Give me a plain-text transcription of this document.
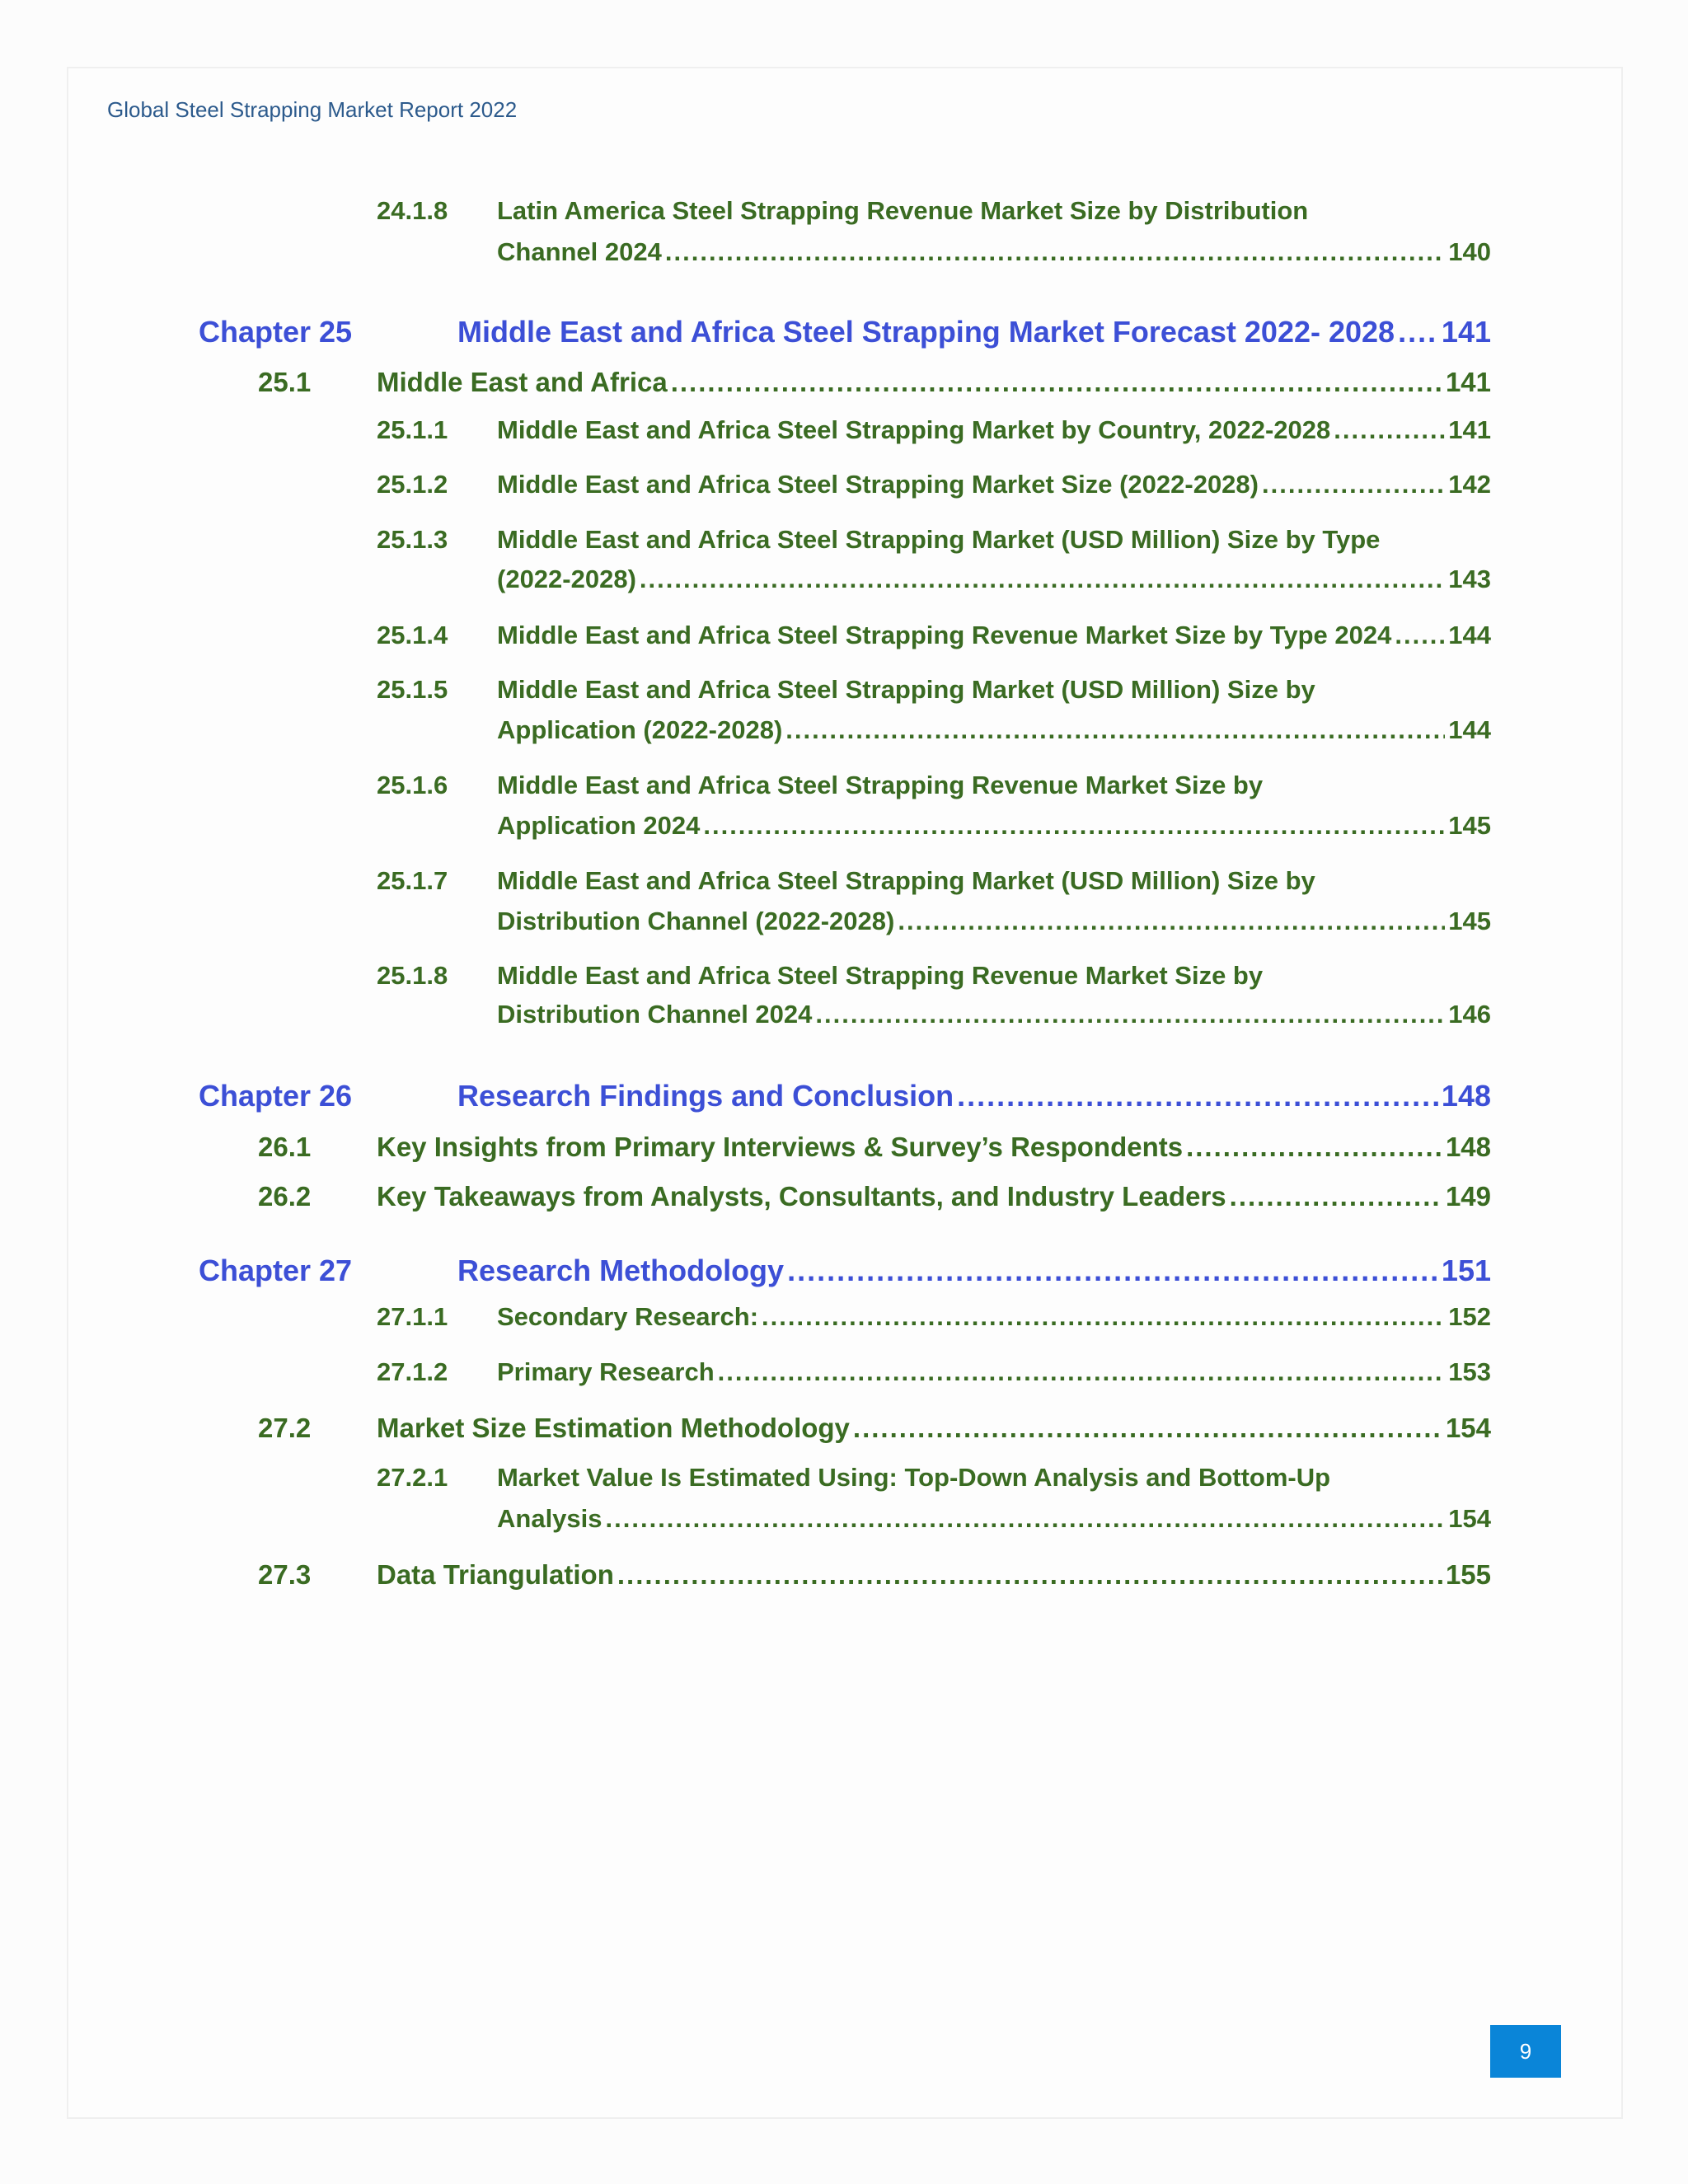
Global Steel Strapping Market Report 2022
24.1.8 Latin America Steel Strapping Revenue Market Size by Distribution
Channel 2024 .....	140
Chapter 25	Middle East and Africa Steel Strapping Market Forecast 2022- 2028 ..... 141
25.1 Middle East and Africa .....	141
25.1.1 Middle East and Africa Steel Strapping Market by Country, 2022-2028 .....	141
25.1.2 Middle East and Africa Steel Strapping Market Size (2022-2028) .....	142
25.1.3 Middle East and Africa Steel Strapping Market (USD Million) Size by Type
(2022-2028) .....	143
25.1.4 Middle East and Africa Steel Strapping Revenue Market Size by Type 2024 ..... 144
25.1.5 Middle East and Africa Steel Strapping Market (USD Million) Size by
Application (2022-2028) .....	144
25.1.6 Middle East and Africa Steel Strapping Revenue Market Size by
Application 2024 .....	145
25.1.7 Middle East and Africa Steel Strapping Market (USD Million) Size by
Distribution Channel (2022-2028) .....	145
25.1.8 Middle East and Africa Steel Strapping Revenue Market Size by
Distribution Channel 2024 .....	146
Chapter 26	Research Findings and Conclusion .....	148
26.1 Key Insights from Primary Interviews & Survey’s Respondents .....	148
26.2 Key Takeaways from Analysts, Consultants, and Industry Leaders .....	149
Chapter 27	Research Methodology .....	151
27.1.1 Secondary Research: .....	152
27.1.2 Primary Research .....	153
27.2 Market Size Estimation Methodology .....	154
27.2.1 Market Value Is Estimated Using: Top-Down Analysis and Bottom-Up
Analysis .....	154
27.3 Data Triangulation .....	155
9
